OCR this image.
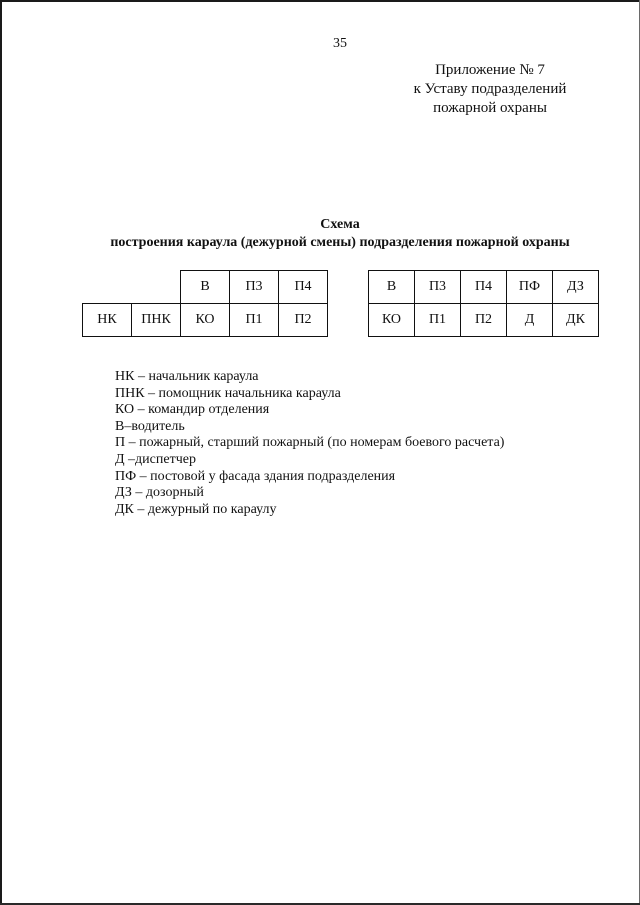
35
Приложение № 7
к Уставу подразделений
пожарной охраны
Схема
построения караула (дежурной смены) подразделения пожарной охраны
		В	П3	П4
НК	ПНК	КО	П1	П2
В	П3	П4	ПФ	ДЗ
КО	П1	П2	Д	ДК
НК – начальник караула
ПНК – помощник начальника караула
КО – командир отделения
В–водитель
П – пожарный, старший пожарный (по номерам боевого расчета)
Д –диспетчер
ПФ – постовой у фасада здания подразделения
ДЗ – дозорный
ДК – дежурный по караулу
